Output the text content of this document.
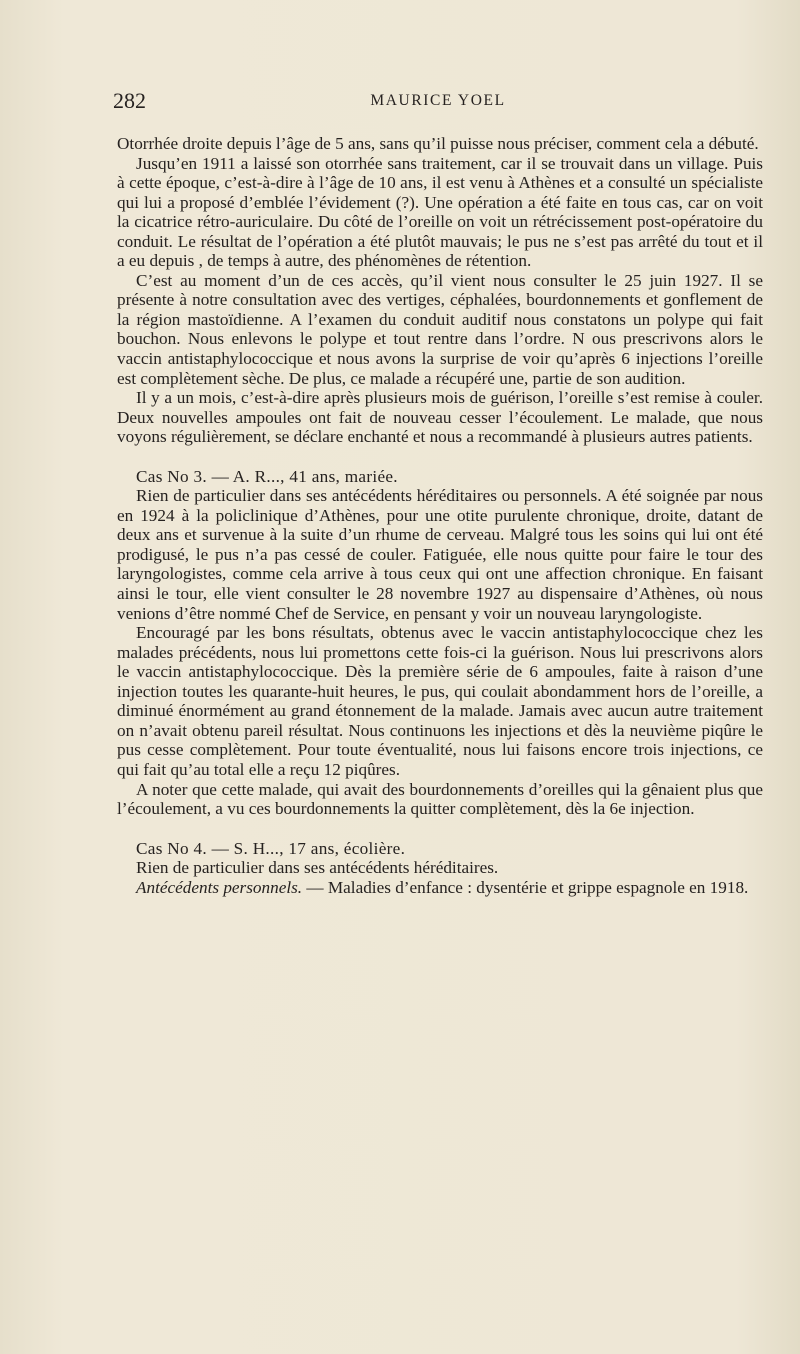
282	MAURICE YOEL

Otorrhée droite depuis l’âge de 5 ans, sans qu’il puisse nous préciser, comment cela a débuté.

Jusqu’en 1911 a laissé son otorrhée sans traitement, car il se trouvait dans un village. Puis à cette époque, c’est-à-dire à l’âge de 10 ans, il est venu à Athènes et a consulté un spécialiste qui lui a proposé d’emblée l’évidement (?). Une opération a été faite en tous cas, car on voit la cicatrice rétro-auriculaire. Du côté de l’oreille on voit un rétrécissement post-opératoire du conduit. Le résultat de l’opération a été plutôt mauvais; le pus ne s’est pas arrêté du tout et il a eu depuis , de temps à autre, des phénomènes de rétention.

C’est au moment d’un de ces accès, qu’il vient nous consulter le 25 juin 1927. Il se présente à notre consultation avec des vertiges, céphalées, bourdonnements et gonflement de la région mastoïdienne. A l’examen du conduit auditif nous constatons un polype qui fait bouchon. Nous enlevons le polype et tout rentre dans l’ordre. N ous prescrivons alors le vaccin antistaphylococcique et nous avons la surprise de voir qu’après 6 injections l’oreille est complètement sèche. De plus, ce malade a récupéré une, partie de son audition.

Il y a un mois, c’est-à-dire après plusieurs mois de guérison, l’oreille s’est remise à couler. Deux nouvelles ampoules ont fait de nouveau cesser l’écoulement. Le malade, que nous voyons régulièrement, se déclare enchanté et nous a recommandé à plusieurs autres patients.

Cas No 3. — A. R..., 41 ans, mariée.

Rien de particulier dans ses antécédents héréditaires ou personnels. A été soignée par nous en 1924 à la policlinique d’Athènes, pour une otite purulente chronique, droite, datant de deux ans et survenue à la suite d’un rhume de cerveau. Malgré tous les soins qui lui ont été prodigusé, le pus n’a pas cessé de couler. Fatiguée, elle nous quitte pour faire le tour des laryngologistes, comme cela arrive à tous ceux qui ont une affection chronique. En faisant ainsi le tour, elle vient consulter le 28 novembre 1927 au dispensaire d’Athènes, où nous venions d’être nommé Chef de Service, en pensant y voir un nouveau laryngologiste.

Encouragé par les bons résultats, obtenus avec le vaccin antistaphylococcique chez les malades précédents, nous lui promettons cette fois-ci la guérison. Nous lui prescrivons alors le vaccin antistaphylococcique. Dès la première série de 6 ampoules, faite à raison d’une injection toutes les quarante-huit heures, le pus, qui coulait abondamment hors de l’oreille, a diminué énormément au grand étonnement de la malade. Jamais avec aucun autre traitement on n’avait obtenu pareil résultat. Nous continuons les injections et dès la neuvième piqûre le pus cesse complètement. Pour toute éventualité, nous lui faisons encore trois injections, ce qui fait qu’au total elle a reçu 12 piqûres.

A noter que cette malade, qui avait des bourdonnements d’oreilles qui la gênaient plus que l’écoulement, a vu ces bourdonnements la quitter complètement, dès la 6e injection.

Cas No 4. — S. H..., 17 ans, écolière.

Rien de particulier dans ses antécédents héréditaires.

Antécédents personnels. — Maladies d’enfance : dysentérie et grippe espagnole en 1918.
